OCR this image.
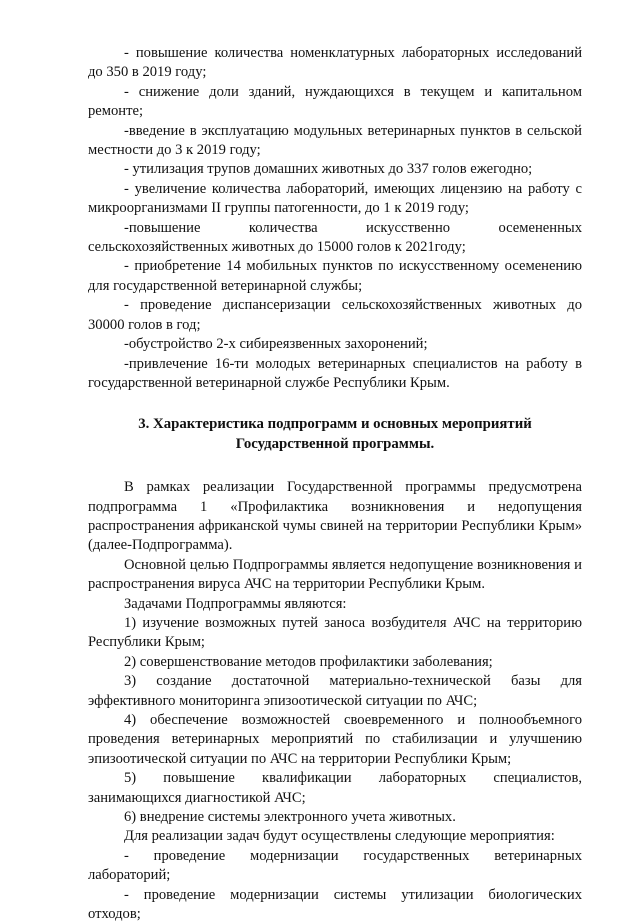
- повышение количества номенклатурных лабораторных исследований до 350 в 2019 году;

- снижение доли зданий, нуждающихся в текущем и капитальном ремонте;

-введение в эксплуатацию модульных ветеринарных пунктов в сельской местности до 3 к 2019 году;

- утилизация трупов домашних животных до 337 голов ежегодно;

- увеличение количества лабораторий, имеющих лицензию на работу с микроорганизмами II группы патогенности, до 1 к 2019 году;

-повышение количества искусственно осемененных сельскохозяйственных животных до 15000 голов к 2021году;

- приобретение 14 мобильных пунктов по искусственному осеменению для государственной ветеринарной службы;

- проведение диспансеризации сельскохозяйственных животных до 30000 голов в год;

-обустройство 2-х сибиреязвенных захоронений;

-привлечение 16-ти молодых ветеринарных специалистов на работу в государственной ветеринарной службе Республики Крым.

3. Характеристика подпрограмм и основных мероприятий
Государственной программы.

В рамках реализации Государственной программы предусмотрена подпрограмма 1 «Профилактика возникновения и недопущения распространения африканской чумы свиней на территории Республики Крым» (далее-Подпрограмма).

Основной целью Подпрограммы является недопущение возникновения и распространения вируса АЧС на территории Республики Крым.

Задачами Подпрограммы являются:

1) изучение возможных путей заноса возбудителя АЧС на территорию Республики Крым;

2) совершенствование методов профилактики заболевания;

3) создание достаточной материально-технической базы для эффективного мониторинга эпизоотической ситуации по АЧС;

4) обеспечение возможностей своевременного и полнообъемного проведения ветеринарных мероприятий по стабилизации и улучшению эпизоотической ситуации по АЧС на территории Республики Крым;

5) повышение квалификации лабораторных специалистов, занимающихся диагностикой АЧС;

6) внедрение системы электронного учета животных.

Для реализации задач будут осуществлены следующие мероприятия:

- проведение модернизации государственных ветеринарных лабораторий;

- проведение модернизации системы утилизации биологических отходов;
